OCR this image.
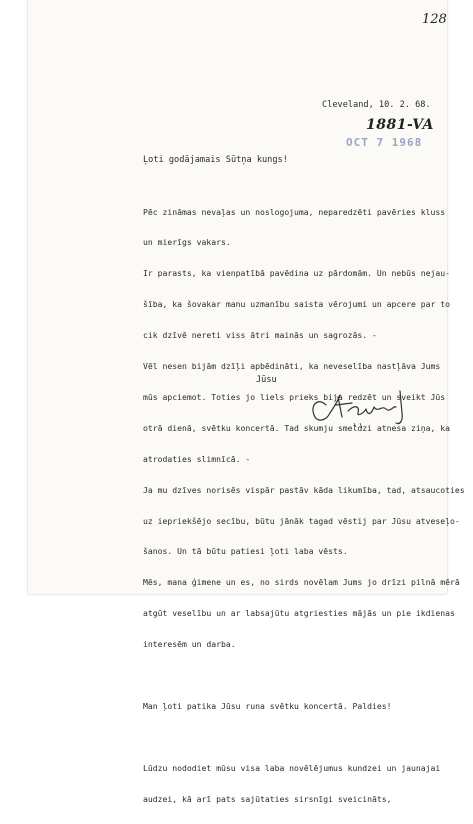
128
Cleveland, 10. 2. 68.
1881-VA
OCT 7 1968
Ļoti godājamais Sūtņa kungs!

Pēc zināmas nevaļas un noslogojuma, neparedzēti pavēries kluss

un mierīgs vakars.

Ir parasts, ka vienpatībā pavēdina uz pārdomām. Un nebūs nejau-

šība, ka šovakar manu uzmanību saista vērojumi un apcere par to

cik dzīvē nereti viss ātri mainās un sagrozās. -

Vēl nesen bijām dzīļi apbēdināti, ka neveselība nastļāva Jums

mūs apciemot. Toties jo liels prieks bija redzēt un sveikt Jūs

otrā dienā, svētku koncertā. Tad skumju smeldzi atnesa ziņa, ka

atrodaties slimnīcā. -

Ja mu dzīves norisēs vispār pastāv kāda likumība, tad, atsaucoties

uz iepriekšējo secību, būtu jānāk tagad vēstij par Jūsu atveseļo-

šanos. Un tā būtu patiesi ļoti laba vēsts.

Mēs, mana ģimene un es, no sirds novēlam Jums jo drīzi pilnā mērā

atgūt veselību un ar labsajūtu atgriesties mājās un pie ikdienas

interesēm un darba.

Man ļoti patika Jūsu runa svētku koncertā. Paldies!

Lūdzu nododiet mūsu visa laba novēlējumus kundzei un jaunajai

audzei, kā arī pats sajūtaties sirsnīgi sveicināts,

Jūsu
